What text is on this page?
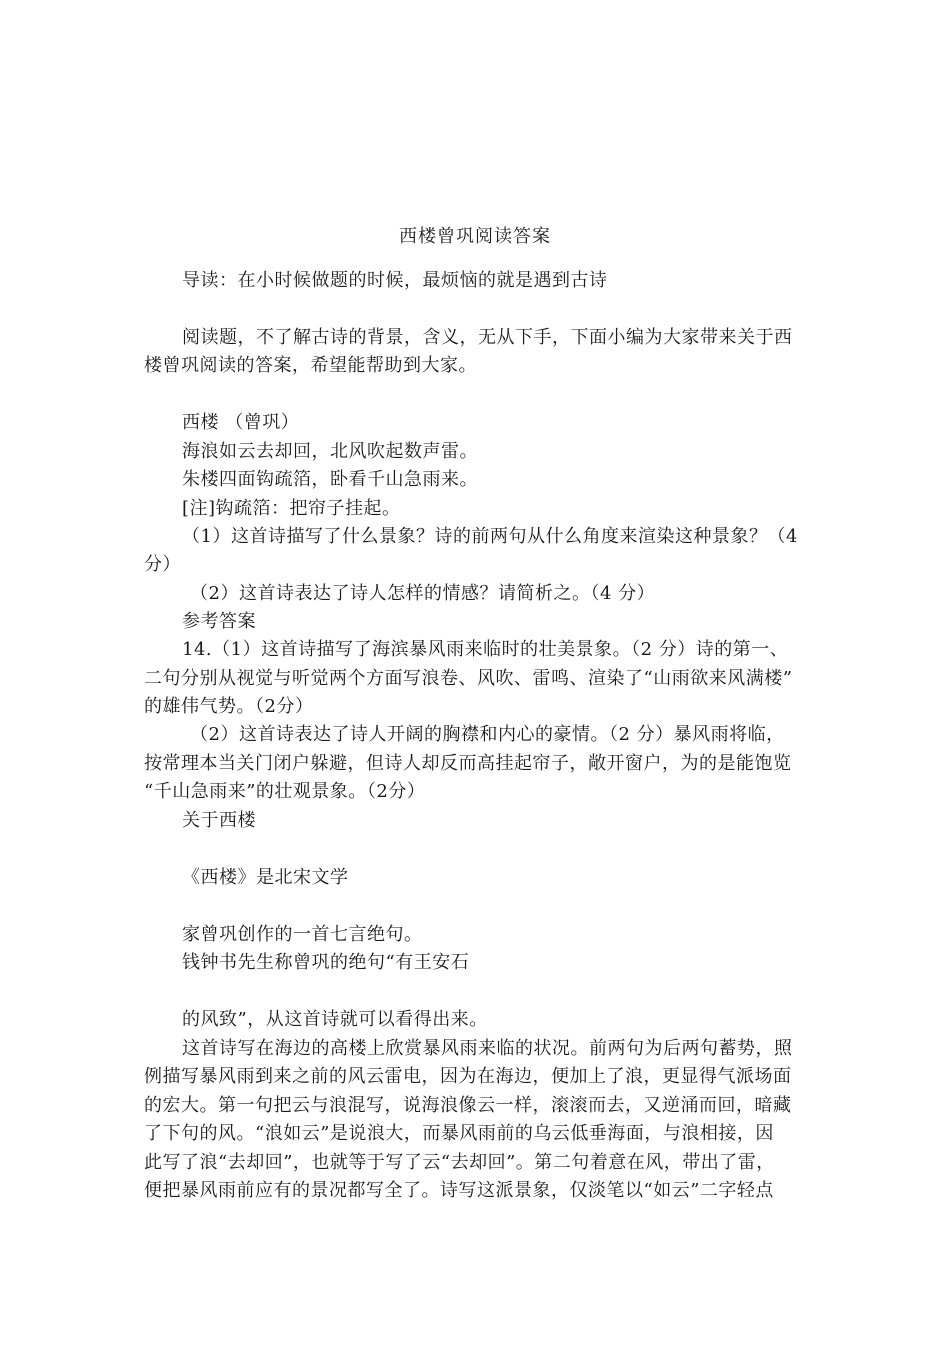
西楼曾巩阅读答案
导读：在小时候做题的时候，最烦恼的就是遇到古诗
阅读题，不了解古诗的背景，含义，无从下手，下面小编为大家带来关于西
楼曾巩阅读的答案，希望能帮助到大家。
西楼 （曾巩）
海浪如云去却回，北风吹起数声雷。
朱楼四面钩疏箔，卧看千山急雨来。
[注]钩疏箔：把帘子挂起。
（1）这首诗描写了什么景象？诗的前两句从什么角度来渲染这种景象？（4
分）
（2）这首诗表达了诗人怎样的情感？请简析之。（4 分）
参考答案
14.（1）这首诗描写了海滨暴风雨来临时的壮美景象。（2 分）诗的第一、
二句分别从视觉与听觉两个方面写浪卷、风吹、雷鸣、渲染了“山雨欲来风满楼”
的雄伟气势。（2分）
（2）这首诗表达了诗人开阔的胸襟和内心的豪情。（2 分）暴风雨将临，
按常理本当关门闭户躲避，但诗人却反而高挂起帘子，敞开窗户，为的是能饱览
“千山急雨来”的壮观景象。（2分）
关于西楼
《西楼》是北宋文学
家曾巩创作的一首七言绝句。
钱钟书先生称曾巩的绝句“有王安石
的风致”，从这首诗就可以看得出来。
这首诗写在海边的高楼上欣赏暴风雨来临的状况。前两句为后两句蓄势，照
例描写暴风雨到来之前的风云雷电，因为在海边，便加上了浪，更显得气派场面
的宏大。第一句把云与浪混写，说海浪像云一样，滚滚而去，又逆涌而回，暗藏
了下句的风。“浪如云”是说浪大，而暴风雨前的乌云低垂海面，与浪相接，因
此写了浪“去却回”，也就等于写了云“去却回”。第二句着意在风，带出了雷，
便把暴风雨前应有的景况都写全了。诗写这派景象，仅淡笔以“如云”二字轻点
